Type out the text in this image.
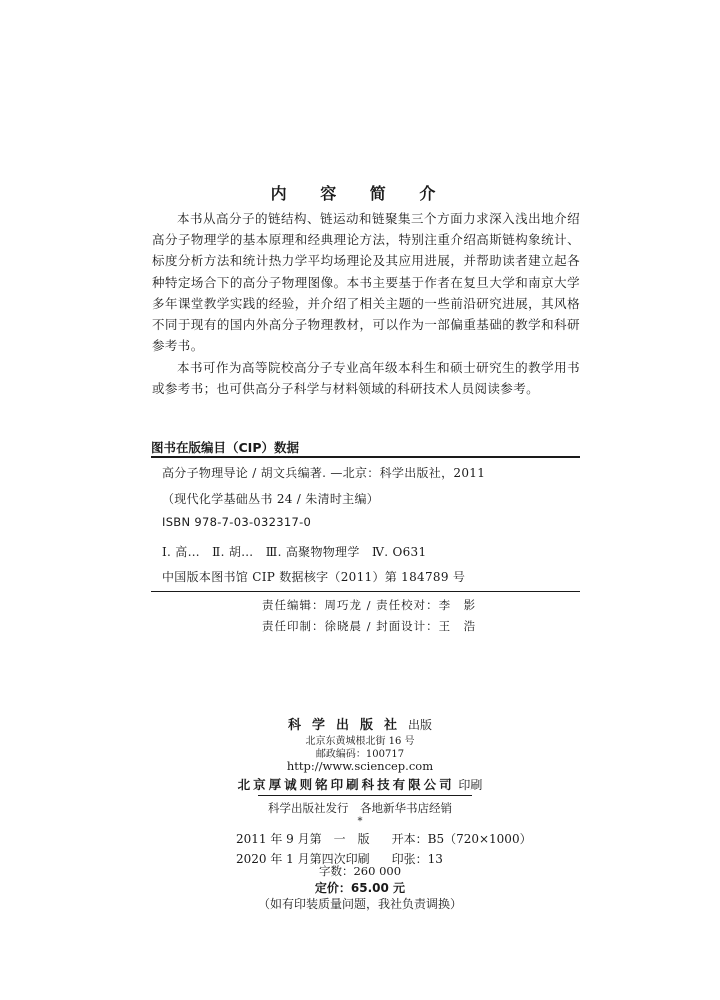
内 容 简 介
本书从高分子的链结构、链运动和链聚集三个方面力求深入浅出地介绍高分子物理学的基本原理和经典理论方法，特别注重介绍高斯链构象统计、标度分析方法和统计热力学平均场理论及其应用进展，并帮助读者建立起各种特定场合下的高分子物理图像。本书主要基于作者在复旦大学和南京大学多年课堂教学实践的经验，并介绍了相关主题的一些前沿研究进展，其风格不同于现有的国内外高分子物理教材，可以作为一部偏重基础的教学和科研参考书。
本书可作为高等院校高分子专业高年级本科生和硕士研究生的教学用书或参考书；也可供高分子科学与材料领域的科研技术人员阅读参考。
图书在版编目（CIP）数据
高分子物理导论 / 胡文兵编著. —北京：科学出版社，2011
（现代化学基础丛书 24 / 朱清时主编）
ISBN 978-7-03-032317-0
Ⅰ. 高…　Ⅱ. 胡…　Ⅲ. 高聚物物理学　Ⅳ. O631
中国版本图书馆 CIP 数据核字（2011）第 184789 号
责任编辑：周巧龙 / 责任校对：李　影
责任印制：徐晓晨 / 封面设计：王　浩
科学出版社出版
北京东黄城根北街 16 号
邮政编码：100717
http://www.sciencep.com
北京厚诚则铭印刷科技有限公司 印刷
科学出版社发行　各地新华书店经销
*
2011 年 9 月第　一　版	开本：B5（720×1000）
2020 年 1 月第四次印刷	印张：13
字数：260 000
定价：65.00 元
（如有印装质量问题，我社负责调换）
